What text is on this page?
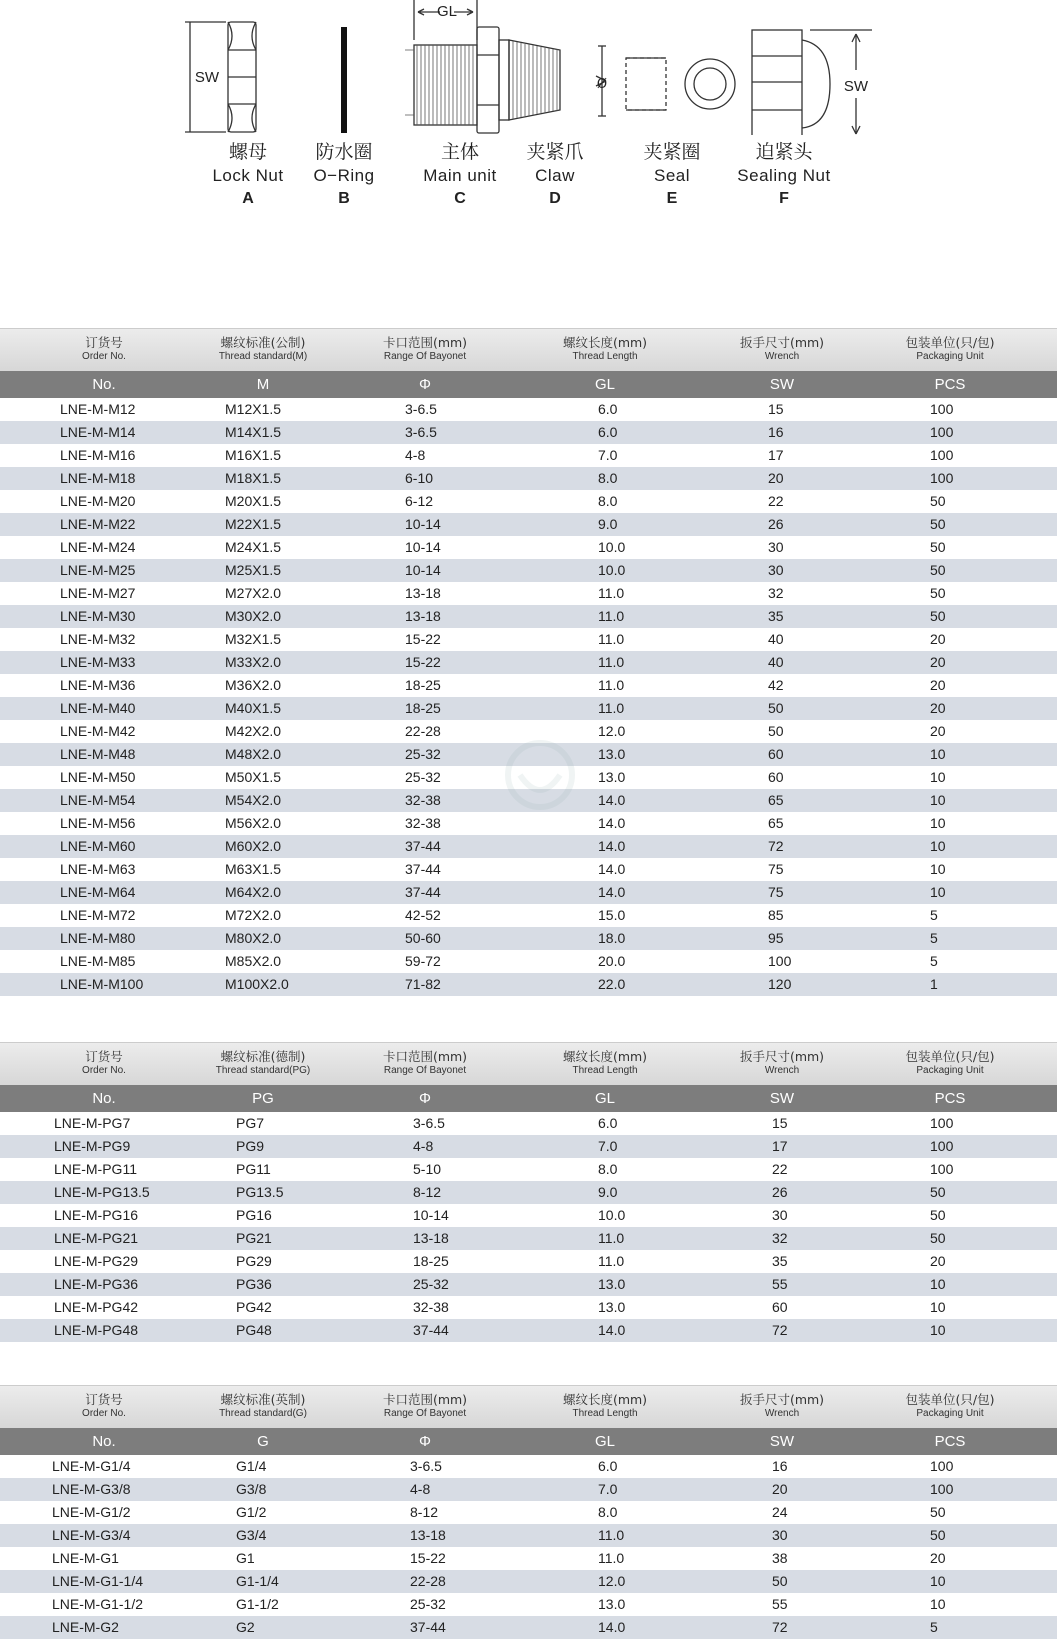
SW
GL
Ø	SW
螺母
Lock Nut
A
防水圈
O−Ring
B
主体
Main unit
C
夹紧爪
Claw
D
夹紧圈
Seal
E
迫紧头
Sealing Nut
F
订货号
Order No.
螺纹标准(公制)
Thread standard(M)
卡口范围(mm)
Range Of Bayonet
螺纹长度(mm)
Thread Length
扳手尺寸(mm)
Wrench
包装单位(只/包)
Packaging Unit
No.	M	Φ	GL	SW	PCS
LNE-M-M12	M12X1.5	3-6.5	6.0	15	100
LNE-M-M14	M14X1.5	3-6.5	6.0	16	100
LNE-M-M16	M16X1.5	4-8	7.0	17	100
LNE-M-M18	M18X1.5	6-10	8.0	20	100
LNE-M-M20	M20X1.5	6-12	8.0	22	50
LNE-M-M22	M22X1.5	10-14	9.0	26	50
LNE-M-M24	M24X1.5	10-14	10.0	30	50
LNE-M-M25	M25X1.5	10-14	10.0	30	50
LNE-M-M27	M27X2.0	13-18	11.0	32	50
LNE-M-M30	M30X2.0	13-18	11.0	35	50
LNE-M-M32	M32X1.5	15-22	11.0	40	20
LNE-M-M33	M33X2.0	15-22	11.0	40	20
LNE-M-M36	M36X2.0	18-25	11.0	42	20
LNE-M-M40	M40X1.5	18-25	11.0	50	20
LNE-M-M42	M42X2.0	22-28	12.0	50	20
LNE-M-M48	M48X2.0	25-32	13.0	60	10
LNE-M-M50	M50X1.5	25-32	13.0	60	10
LNE-M-M54	M54X2.0	32-38	14.0	65	10
LNE-M-M56	M56X2.0	32-38	14.0	65	10
LNE-M-M60	M60X2.0	37-44	14.0	72	10
LNE-M-M63	M63X1.5	37-44	14.0	75	10
LNE-M-M64	M64X2.0	37-44	14.0	75	10
LNE-M-M72	M72X2.0	42-52	15.0	85	5
LNE-M-M80	M80X2.0	50-60	18.0	95	5
LNE-M-M85	M85X2.0	59-72	20.0	100	5
LNE-M-M100	M100X2.0	71-82	22.0	120	1
订货号
Order No.
螺纹标准(德制)
Thread standard(PG)
卡口范围(mm)
Range Of Bayonet
螺纹长度(mm)
Thread Length
扳手尺寸(mm)
Wrench
包装单位(只/包)
Packaging Unit
No.	PG	Φ	GL	SW	PCS
LNE-M-PG7	PG7	3-6.5	6.0	15	100
LNE-M-PG9	PG9	4-8	7.0	17	100
LNE-M-PG11	PG11	5-10	8.0	22	100
LNE-M-PG13.5	PG13.5	8-12	9.0	26	50
LNE-M-PG16	PG16	10-14	10.0	30	50
LNE-M-PG21	PG21	13-18	11.0	32	50
LNE-M-PG29	PG29	18-25	11.0	35	20
LNE-M-PG36	PG36	25-32	13.0	55	10
LNE-M-PG42	PG42	32-38	13.0	60	10
LNE-M-PG48	PG48	37-44	14.0	72	10
订货号
Order No.
螺纹标准(英制)
Thread standard(G)
卡口范围(mm)
Range Of Bayonet
螺纹长度(mm)
Thread Length
扳手尺寸(mm)
Wrench
包装单位(只/包)
Packaging Unit
No.	G	Φ	GL	SW	PCS
LNE-M-G1/4	G1/4	3-6.5	6.0	16	100
LNE-M-G3/8	G3/8	4-8	7.0	20	100
LNE-M-G1/2	G1/2	8-12	8.0	24	50
LNE-M-G3/4	G3/4	13-18	11.0	30	50
LNE-M-G1	G1	15-22	11.0	38	20
LNE-M-G1-1/4	G1-1/4	22-28	12.0	50	10
LNE-M-G1-1/2	G1-1/2	25-32	13.0	55	10
LNE-M-G2	G2	37-44	14.0	72	5
